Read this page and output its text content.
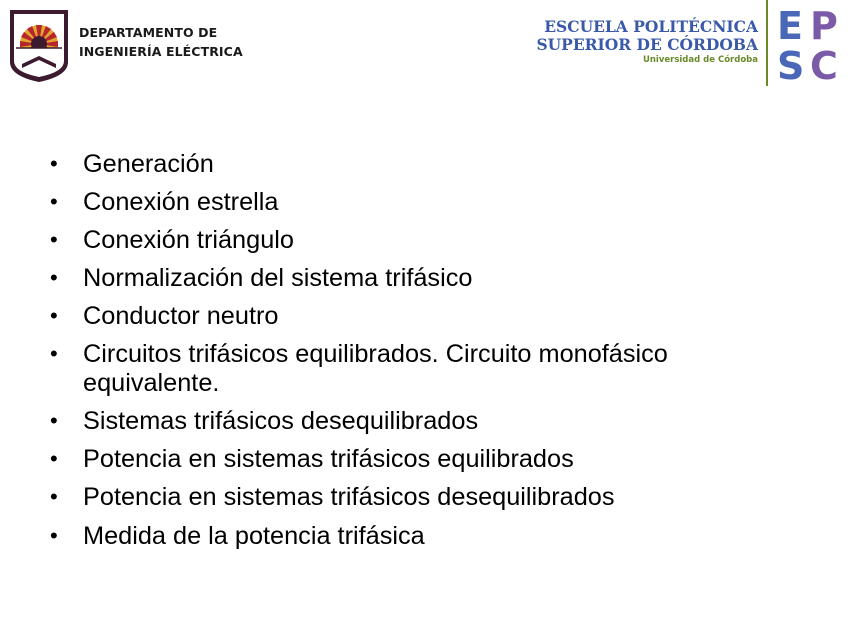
DEPARTAMENTO DE
INGENIERÍA ELÉCTRICA
ESCUELA POLITÉCNICA
SUPERIOR DE CÓRDOBA
Universidad de Córdoba
E P
S C
• Generación
• Conexión estrella
• Conexión triángulo
• Normalización del sistema trifásico
• Conductor neutro
• Circuitos trifásicos equilibrados. Circuito monofásico equivalente.
• Sistemas trifásicos desequilibrados
• Potencia en sistemas trifásicos equilibrados
• Potencia en sistemas trifásicos desequilibrados
• Medida de la potencia trifásica
